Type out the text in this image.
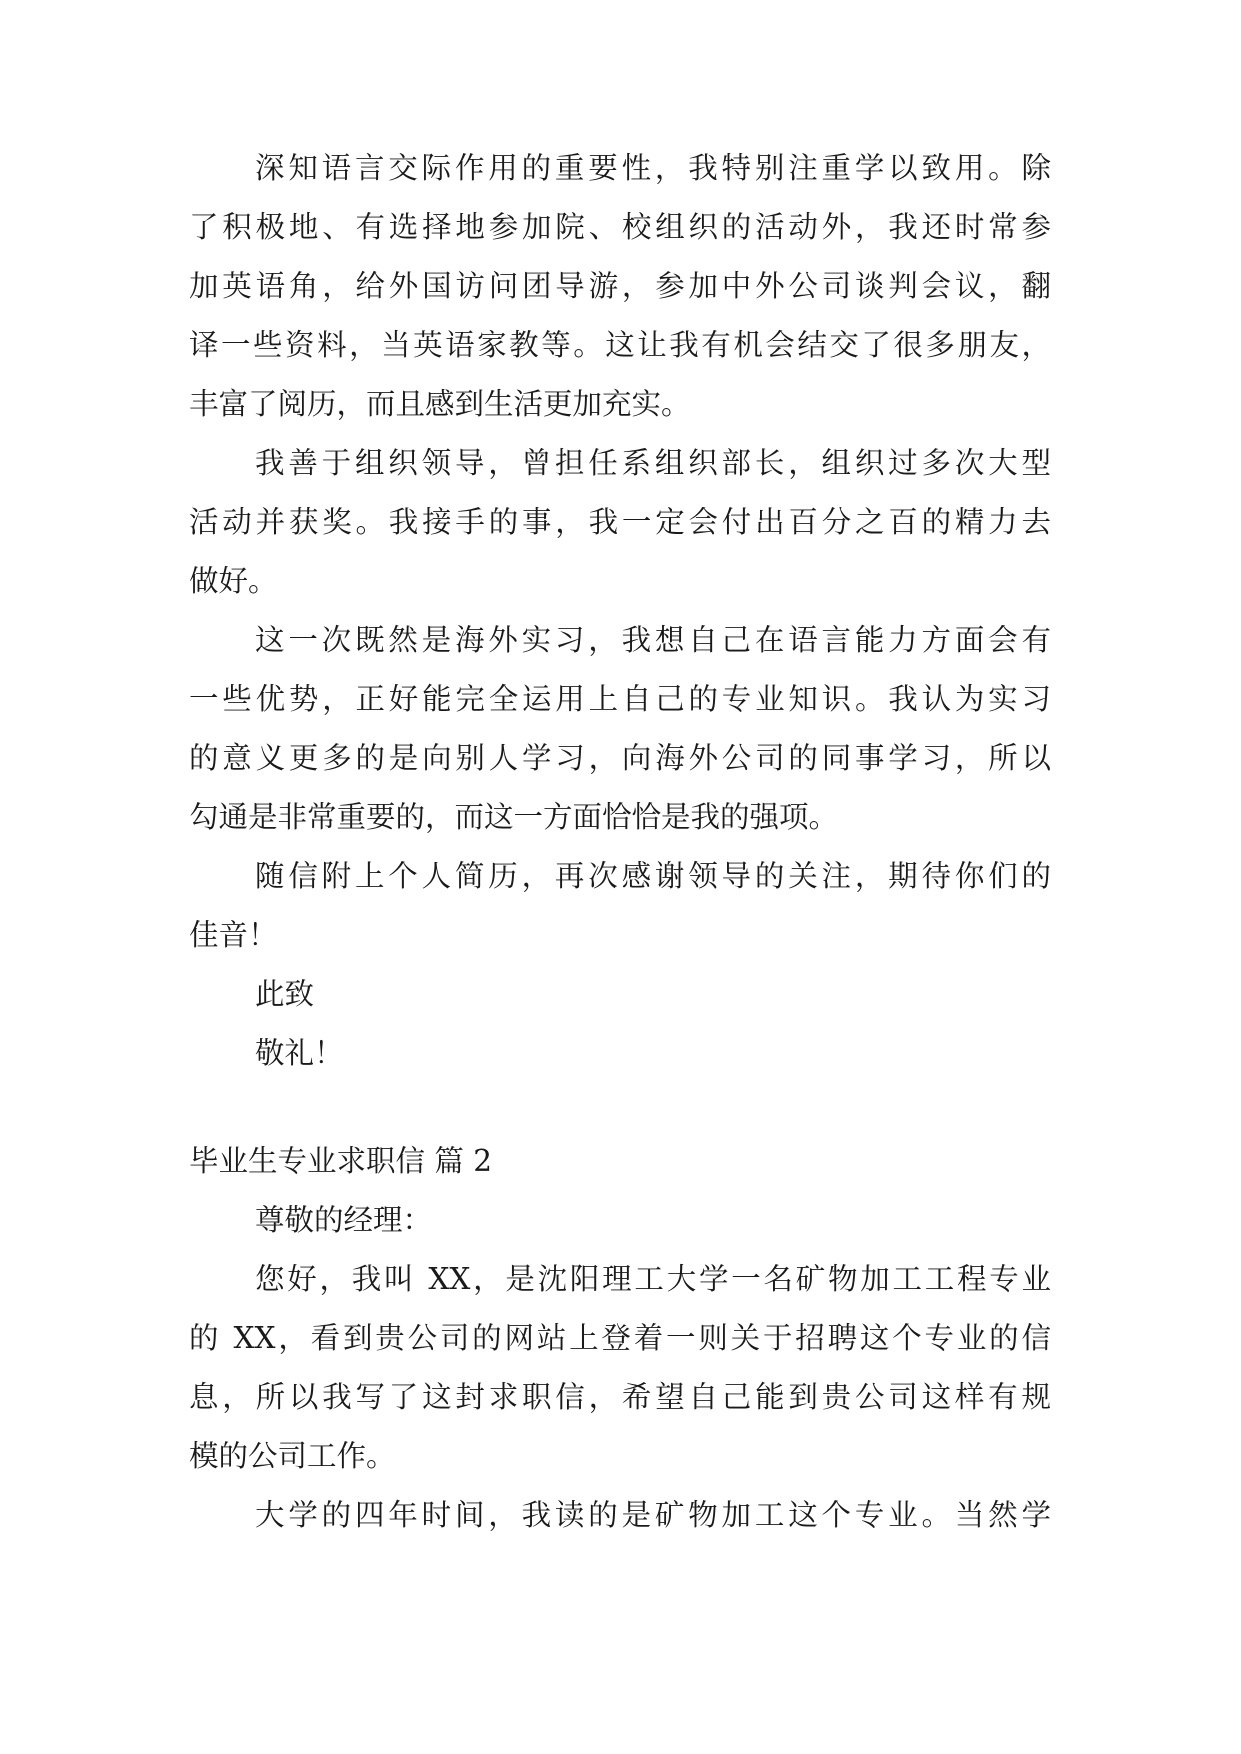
深知语言交际作用的重要性，我特别注重学以致用。除
了积极地、有选择地参加院、校组织的活动外，我还时常参
加英语角，给外国访问团导游，参加中外公司谈判会议，翻
译一些资料，当英语家教等。这让我有机会结交了很多朋友，
丰富了阅历，而且感到生活更加充实。
我善于组织领导，曾担任系组织部长，组织过多次大型
活动并获奖。我接手的事，我一定会付出百分之百的精力去
做好。
这一次既然是海外实习，我想自己在语言能力方面会有
一些优势，正好能完全运用上自己的专业知识。我认为实习
的意义更多的是向别人学习，向海外公司的同事学习，所以
勾通是非常重要的，而这一方面恰恰是我的强项。
随信附上个人简历，再次感谢领导的关注，期待你们的
佳音！
此致
敬礼！
毕业生专业求职信 篇 2
尊敬的经理：
您好，我叫 XX，是沈阳理工大学一名矿物加工工程专业
的 XX，看到贵公司的网站上登着一则关于招聘这个专业的信
息，所以我写了这封求职信，希望自己能到贵公司这样有规
模的公司工作。
大学的四年时间，我读的是矿物加工这个专业。当然学
